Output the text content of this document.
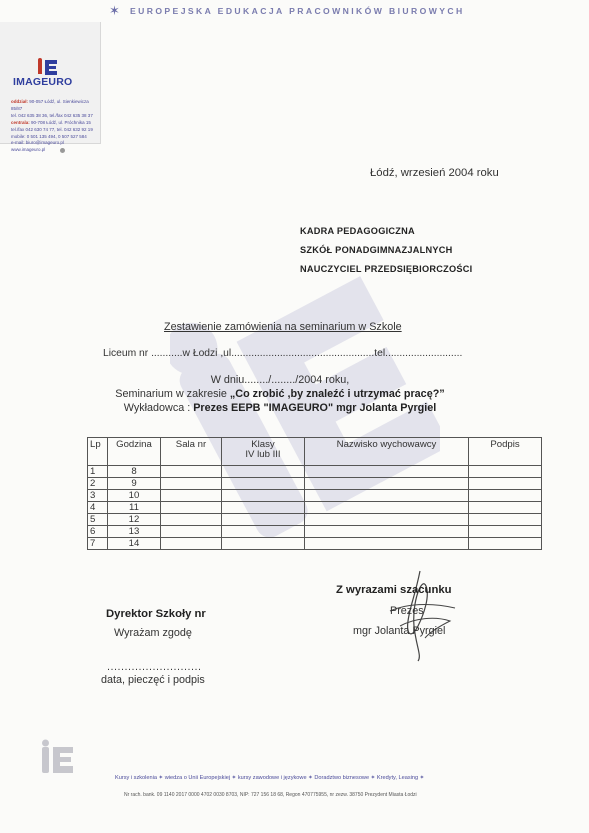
✶ EUROPEJSKA EDUKACJA PRACOWNIKÓW BIUROWYCH
IMAGEURO
oddział: 90-057 Łódź, ul. Sienkiewicza 85/87
tel. 042 635 38 36, tel./fax 042 635 38 37
centrala: 90-708 Łódź, ul. Próchnika 15
tel./fax 042 630 74 77, tel. 042 632 92 19
mobile: 0 501 135 494, 0 507 527 584
e-mail: biuro@imageuro.pl
www.imageuro.pl
Łódź, wrzesień 2004 roku
KADRA PEDAGOGICZNA
SZKÓŁ PONADGIMNAZJALNYCH
NAUCZYCIEL PRZEDSIĘBIORCZOŚCI
Zestawienie zamówienia na seminarium w Szkole
Liceum nr ...........w Łodzi ,ul..................................................tel...........................
W dniu......../......../2004 roku,
Seminarium w zakresie „Co zrobić ,by znaleźć i utrzymać pracę?”
Wykładowca : Prezes EEPB "IMAGEURO" mgr Jolanta Pyrgiel
Lp	Godzina	Sala nr	Klasy
IV lub III	Nazwisko wychowawcy	Podpis
1	8				
2	9				
3	10				
4	11				
5	12				
6	13				
7	14				
Z wyrazami szacunku
Prezes
mgr Jolanta Pyrgiel
Dyrektor Szkoły nr
Wyrażam zgodę
...........................
data, pieczęć i podpis
Kursy i szkolenia ✶ wiedza o Unii Europejskiej ✶ kursy zawodowe i językowe ✶ Doradztwo biznesowe ✶ Kredyty, Leasing ✶
Nr rach. bank. 09 1140 2017 0000 4702 0030 8703, NIP: 727 156 18 68, Regon 470775955, nr zezw. 38750 Prezydent Miasta Łodzi
